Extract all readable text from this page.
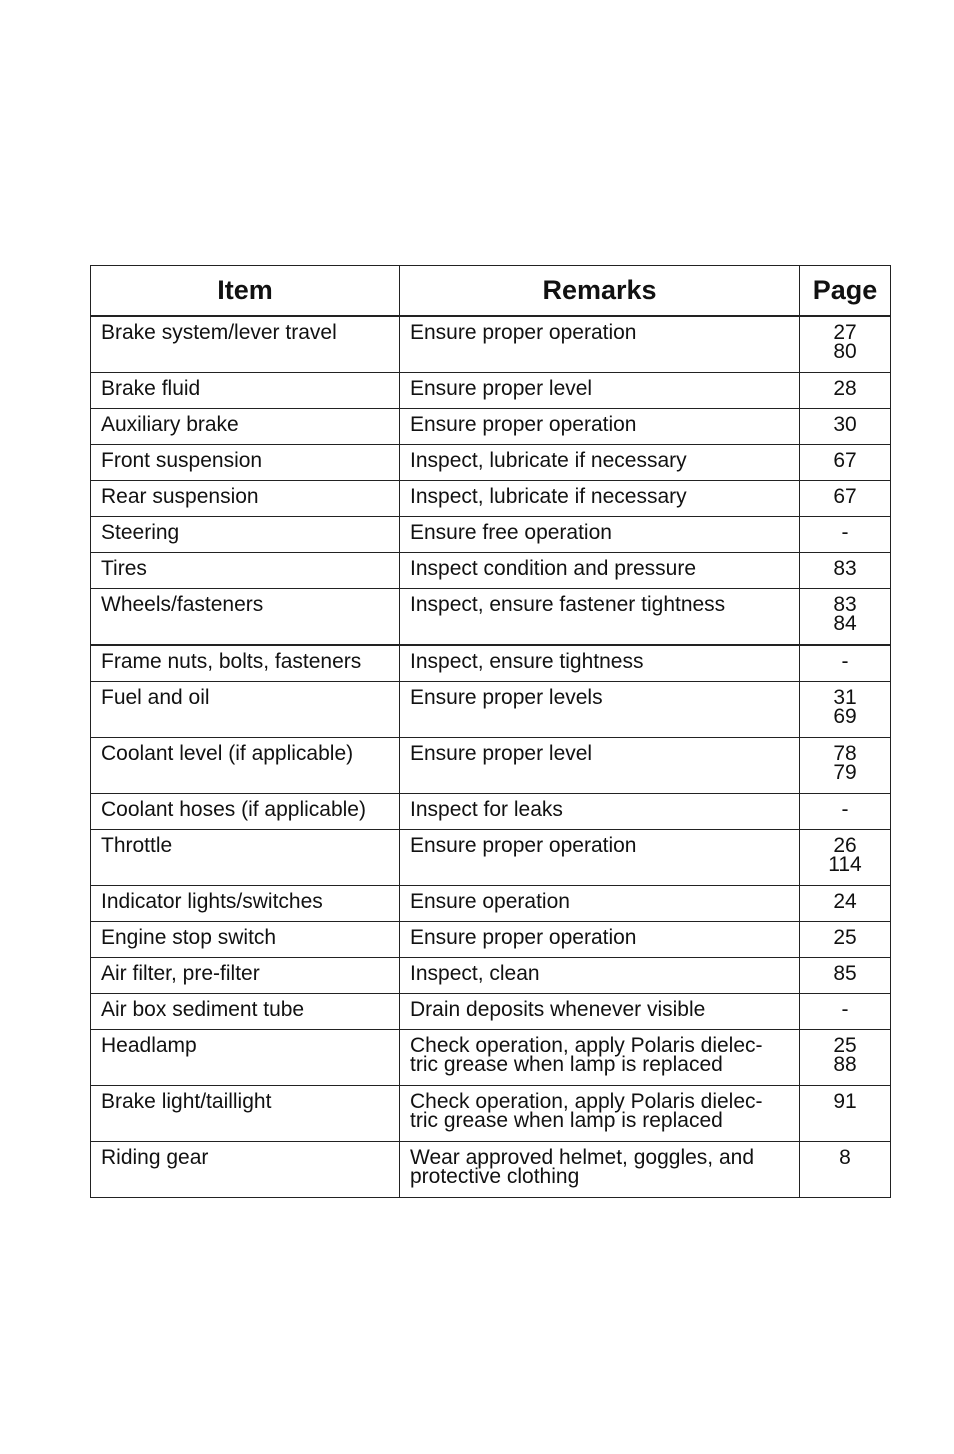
Item	Remarks	Page
Brake system/lever travel	Ensure proper operation	27
80

Brake fluid	Ensure proper level	28

Auxiliary brake	Ensure proper operation	30

Front suspension	Inspect, lubricate if necessary	67

Rear suspension	Inspect, lubricate if necessary	67

Steering	Ensure free operation	-

Tires	Inspect condition and pressure	83

Wheels/fasteners	Inspect, ensure fastener tightness	83
84

Frame nuts, bolts, fasteners	Inspect, ensure tightness	-

Fuel and oil	Ensure proper levels	31
69

Coolant level (if applicable)	Ensure proper level	78
79

Coolant hoses (if applicable)	Inspect for leaks	-

Throttle	Ensure proper operation	26
114

Indicator lights/switches	Ensure operation	24

Engine stop switch	Ensure proper operation	25

Air filter, pre-filter	Inspect, clean	85

Air box sediment tube	Drain deposits whenever visible	-

Headlamp	Check operation, apply Polaris dielec-
tric grease when lamp is replaced	25
88

Brake light/taillight	Check operation, apply Polaris dielec-
tric grease when lamp is replaced	91

Riding gear	Wear approved helmet, goggles, and
protective clothing	8
